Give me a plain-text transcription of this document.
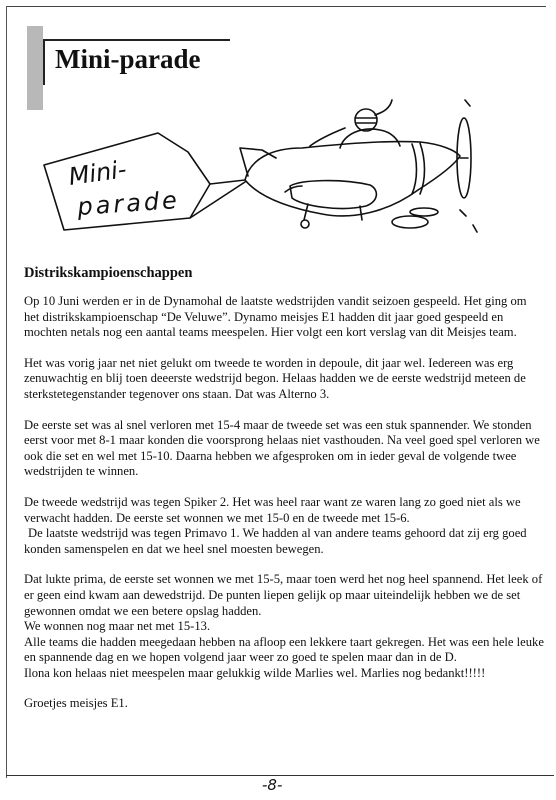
Mini-parade
Mini-
parade
Distrikskampioenschappen

Op 10 Juni werden er in de Dynamohal de laatste wedstrijden vandit seizoen gespeeld. Het ging om het distrikskampioenschap “De Veluwe”. Dynamo meisjes E1 hadden dit jaar goed gespeeld en mochten netals nog een aantal teams meespelen. Hier volgt een kort verslag van dit Meisjes team.

Het was vorig jaar net niet gelukt om tweede te worden in depoule, dit jaar wel. Iedereen was erg zenuwachtig en blij toen deeerste wedstrijd begon. Helaas hadden we de eerste wedstrijd meteen de sterkstetegenstander tegenover ons staan. Dat was Alterno 3.

De eerste set was al snel verloren met 15-4 maar de tweede set was een stuk spannender. We stonden eerst voor met 8-1 maar konden die voorsprong helaas niet vasthouden. Na veel goed spel verloren we ook die set en wel met 15-10. Daarna hebben we afgesproken om in ieder geval de volgende twee wedstrijden te winnen.

De tweede wedstrijd was tegen Spiker 2. Het was heel raar want ze waren lang zo goed niet als we verwacht hadden. De eerste set wonnen we met 15-0 en de tweede met 15-6.

De laatste wedstrijd was tegen Primavo 1. We hadden al van andere teams gehoord dat zij erg goed konden samenspelen en dat we heel snel moesten bewegen.

Dat lukte prima, de eerste set wonnen we met 15-5, maar toen werd het nog heel spannend. Het leek of er geen eind kwam aan dewedstrijd. De punten liepen gelijk op maar uiteindelijk hebben we de set gewonnen omdat we een betere opslag hadden.

We wonnen nog maar net met 15-13.

Alle teams die hadden meegedaan hebben na afloop een lekkere taart gekregen. Het was een hele leuke en spannende dag en we hopen volgend jaar weer zo goed te spelen maar dan in de D.

Ilona kon helaas niet meespelen maar gelukkig wilde Marlies wel. Marlies nog bedankt!!!!!

Groetjes meisjes E1.

-8-
